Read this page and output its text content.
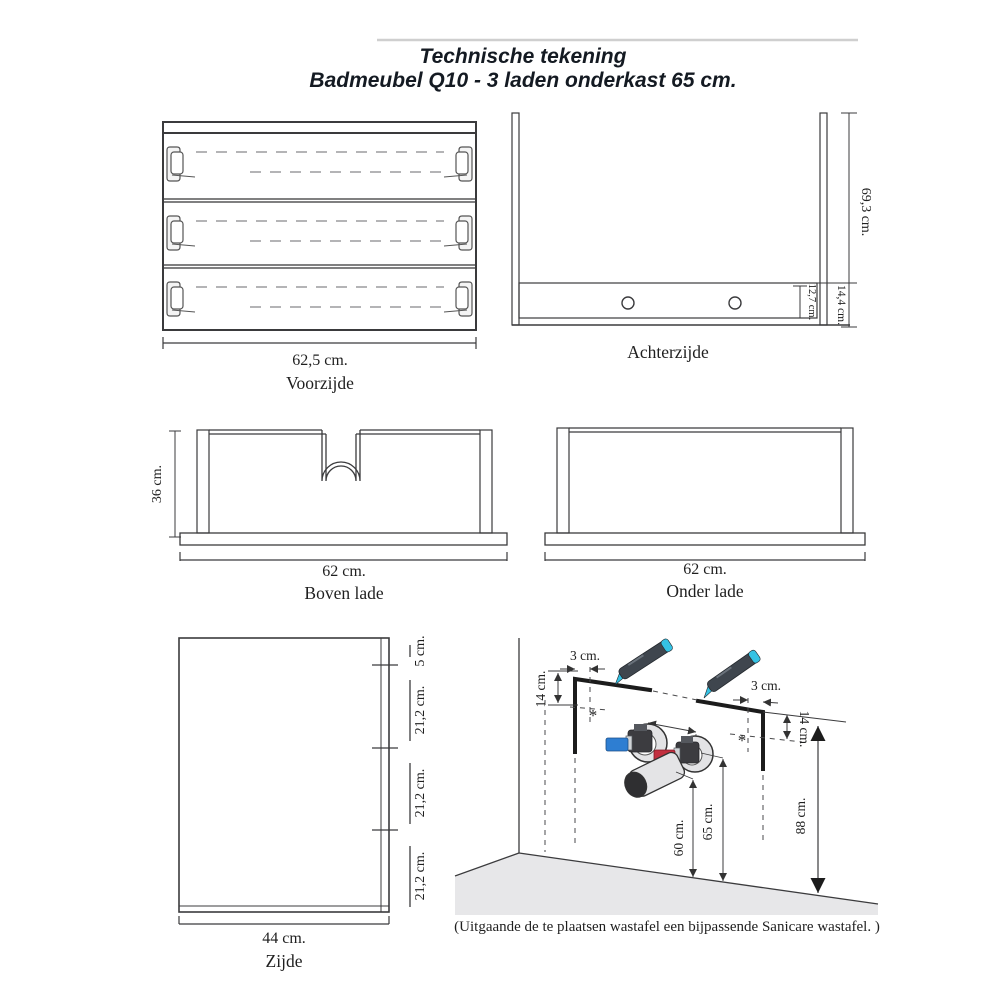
Technische tekening
Badmeubel Q10 - 3 laden onderkast 65 cm.
62,5 cm.
Voorzijde
12,7 cm.
69,3 cm.
14,4 cm.
Achterzijde
36 cm.
62 cm.
Boven lade
62 cm.
Onder lade
5 cm.
21,2 cm.
21,2 cm.
21,2 cm.
44 cm.
Zijde
3 cm.
14 cm.
*
3 cm.
14 cm.
*
60 cm. 65 cm.	88 cm.
(Uitgaande de te plaatsen wastafel een bijpassende Sanicare wastafel. )
